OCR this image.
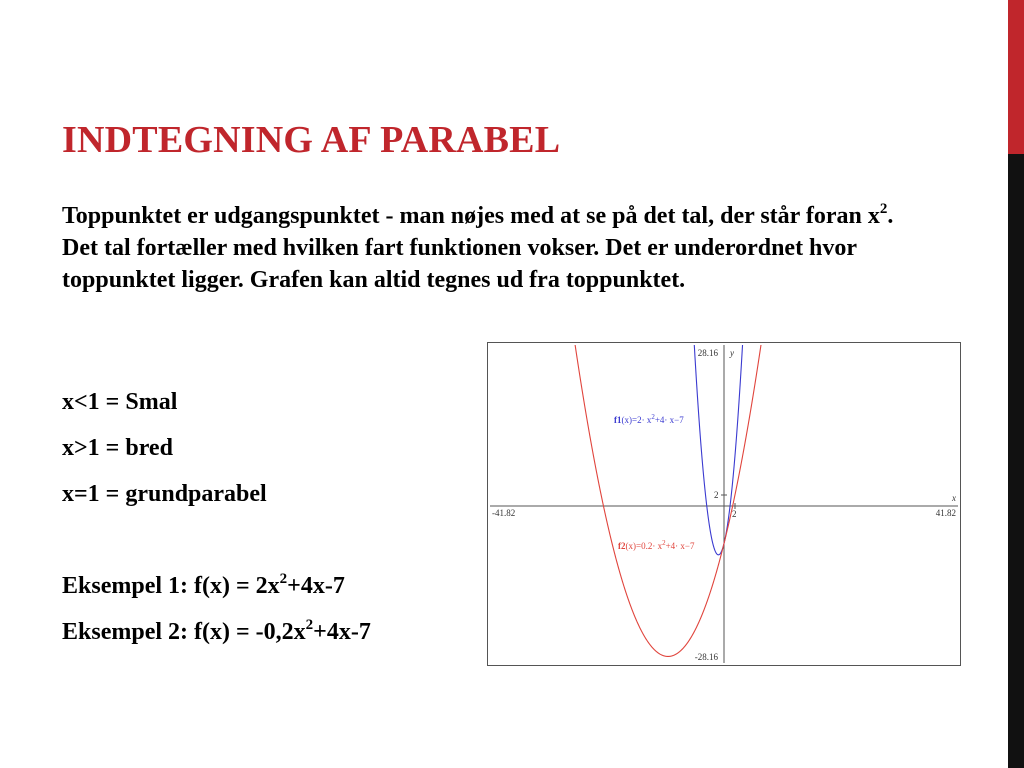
INDTEGNING AF PARABEL

Toppunktet er udgangspunktet - man nøjes med at se på det tal, der står foran $x^2$. Det tal fortæller med hvilken fart funktionen vokser. Det er underordnet hvor toppunktet ligger. Grafen kan altid tegnes ud fra toppunktet.

x<1 = Smal
x>1 = bred
x=1 = grundparabel
Eksempel 1: $f(x) = 2x^2+4x-7$
Eksempel 2: $f(x) = -0,2x^2+4x-7$
-41.82	41.82
28.16
-28.16
2
2	x
y
$f1(x)=2\cdot x^2+4\cdot x-7$
$f2(x)=0.2\cdot x^2+4\cdot x-7$
